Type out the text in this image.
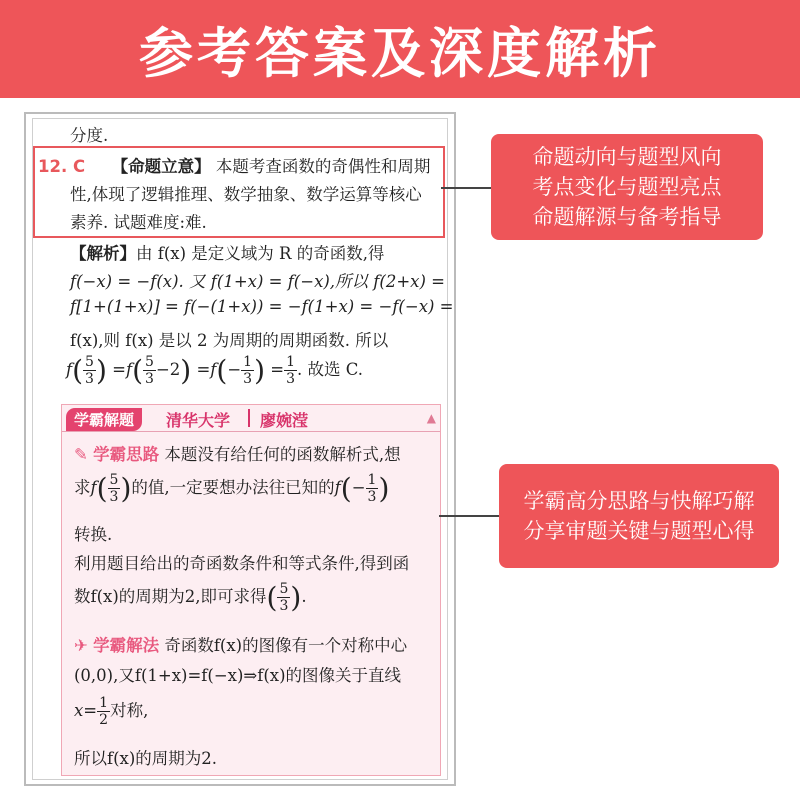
参考答案及深度解析
分度.
12. C 【命题立意】 本题考查函数的奇偶性和周期
性,体现了逻辑推理、数学抽象、数学运算等核心
素养. 试题难度:难.
【解析】由 f(x) 是定义域为 R 的奇函数,得
f(−x) = −f(x). 又 f(1+x) = f(−x),所以 f(2+x) =
f[1+(1+x)] = f(−(1+x)) = −f(1+x) = −f(−x) =
f(x),则 f(x) 是以 2 为周期的周期函数. 所以
$f( \frac{5}{3}$ ) $=f( \frac{5}{3} -2) =f(- \frac{1}{3}$ ) = $\frac{1}{3}$ . 故选 C.
学霸解题	清华大学 廖婉滢	▲
✎ 学霸思路 本题没有给任何的函数解析式,想
求$f( \frac{5}{3}$ )的值,一定要想办法往已知的$f(- \frac{1}{3}$ )
转换.
利用题目给出的奇函数条件和等式条件,得到函
数f(x)的周期为2,即可求得( $\frac{5}{3}$ ).
✈ 学霸解法 奇函数f(x)的图像有一个对称中心
(0,0),又f(1+x)=f(−x)⇒f(x)的图像关于直线
$x= \frac{1}{2}$ 对称,
所以f(x)的周期为2.
命题动向与题型风向
考点变化与题型亮点
命题解源与备考指导
学霸高分思路与快解巧解
分享审题关键与题型心得
